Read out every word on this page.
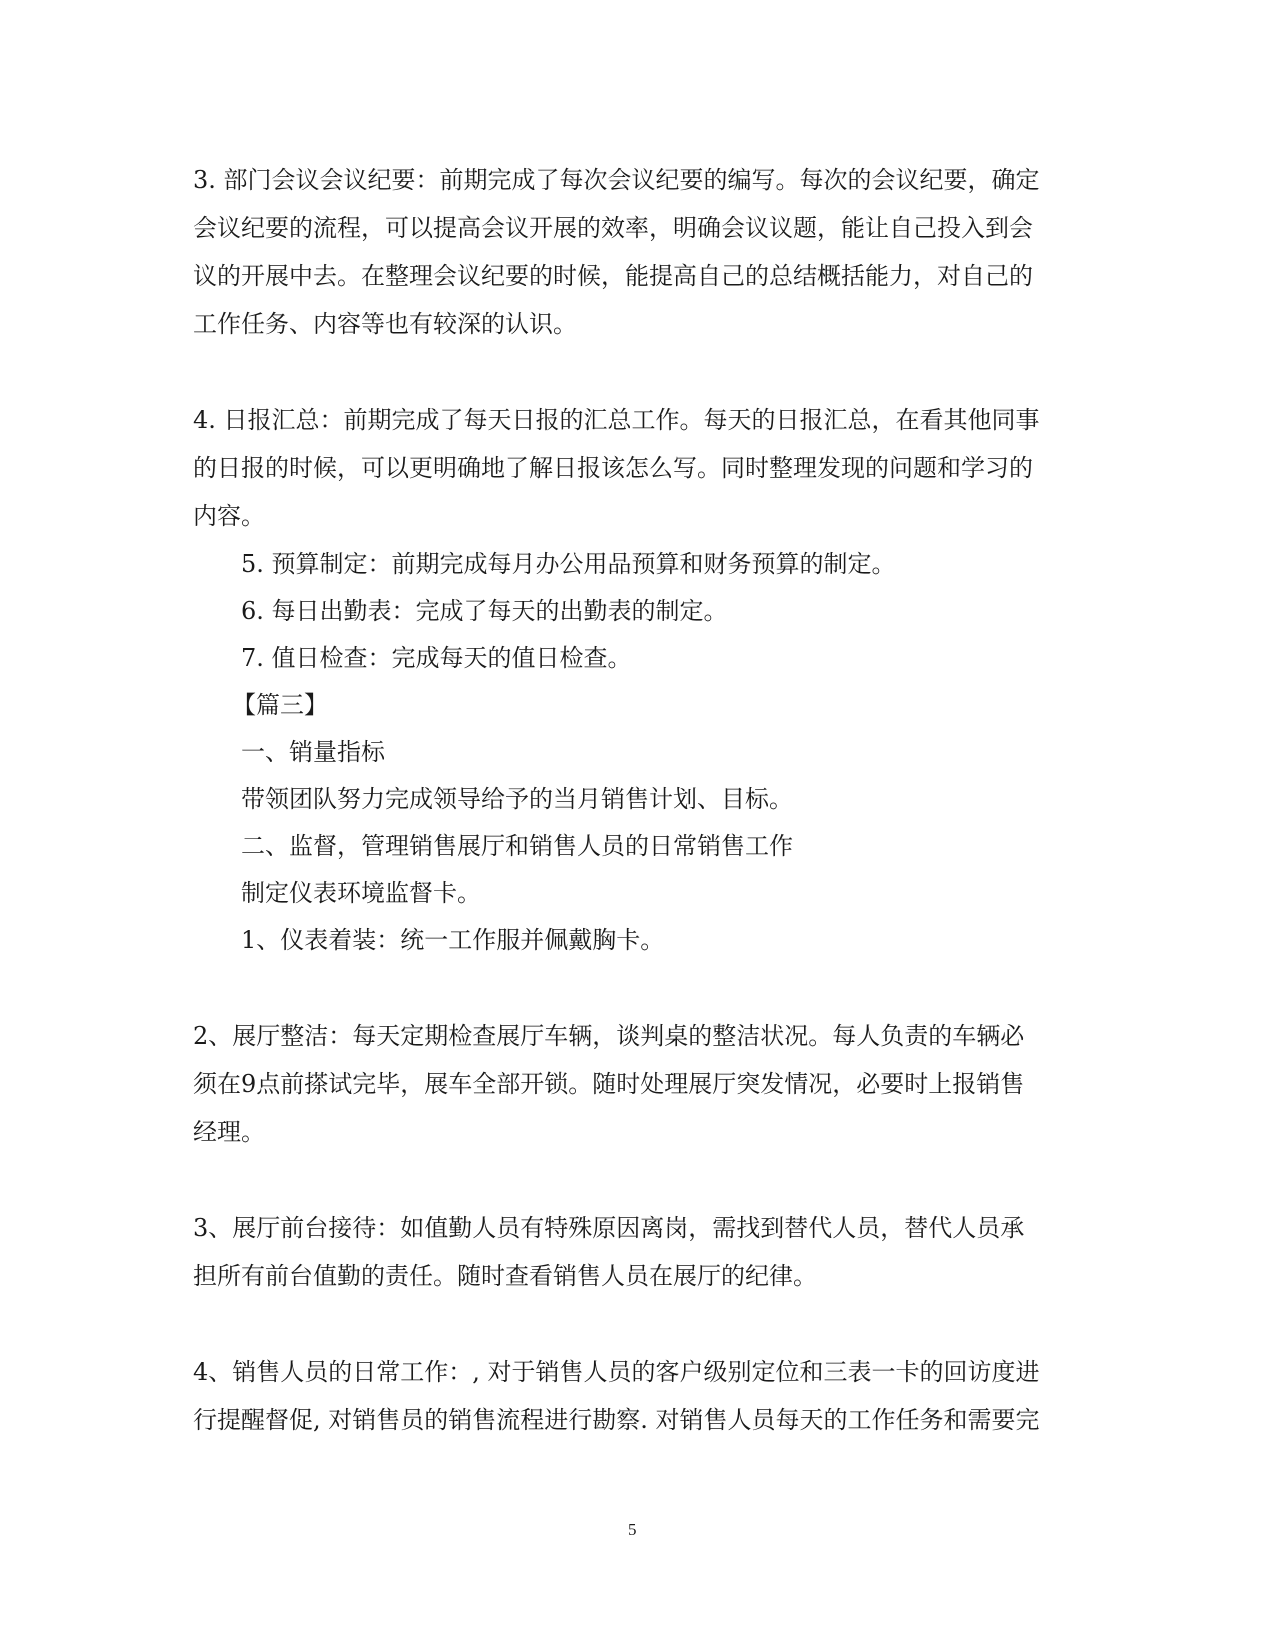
3. 部门会议会议纪要：前期完成了每次会议纪要的编写。每次的会议纪要，确定
会议纪要的流程，可以提高会议开展的效率，明确会议议题，能让自己投入到会
议的开展中去。在整理会议纪要的时候，能提高自己的总结概括能力，对自己的
工作任务、内容等也有较深的认识。
4. 日报汇总：前期完成了每天日报的汇总工作。每天的日报汇总，在看其他同事
的日报的时候，可以更明确地了解日报该怎么写。同时整理发现的问题和学习的
内容。
5. 预算制定：前期完成每月办公用品预算和财务预算的制定。
6. 每日出勤表：完成了每天的出勤表的制定。
7. 值日检查：完成每天的值日检查。
【篇三】
一、销量指标
带领团队努力完成领导给予的当月销售计划、目标。
二、监督，管理销售展厅和销售人员的日常销售工作
制定仪表环境监督卡。
1、仪表着装：统一工作服并佩戴胸卡。
2、展厅整洁：每天定期检查展厅车辆，谈判桌的整洁状况。每人负责的车辆必
须在9点前搽试完毕，展车全部开锁。随时处理展厅突发情况，必要时上报销售
经理。
3、展厅前台接待：如值勤人员有特殊原因离岗，需找到替代人员，替代人员承
担所有前台值勤的责任。随时查看销售人员在展厅的纪律。
4、销售人员的日常工作：, 对于销售人员的客户级别定位和三表一卡的回访度进
行提醒督促, 对销售员的销售流程进行勘察. 对销售人员每天的工作任务和需要完
5
